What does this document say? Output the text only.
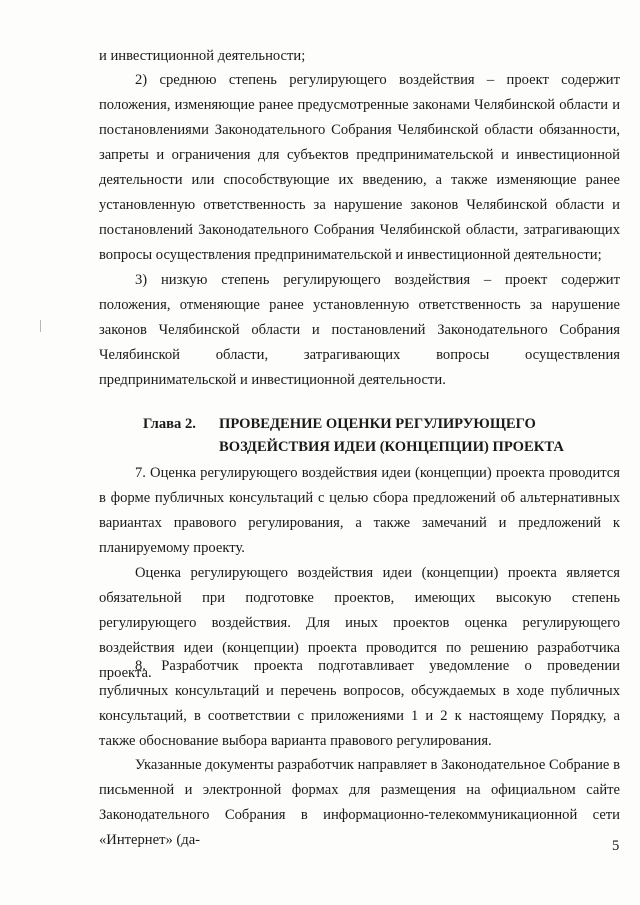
и инвестиционной деятельности;

2) среднюю степень регулирующего воздействия – проект содержит положения, изменяющие ранее предусмотренные законами Челябинской области и постановлениями Законодательного Собрания Челябинской области обязанности, запреты и ограничения для субъектов предпринимательской и инвестиционной деятельности или способствующие их введению, а также изменяющие ранее установленную ответственность за нарушение законов Челябинской области и постановлений Законодательного Собрания Челябинской области, затрагивающих вопросы осуществления предпринимательской и инвестиционной деятельности;

3) низкую степень регулирующего воздействия – проект содержит положения, отменяющие ранее установленную ответственность за нарушение законов Челябинской области и постановлений Законодательного Собрания Челябинской области, затрагивающих вопросы осуществления предпринимательской и инвестиционной деятельности.

Глава 2. ПРОВЕДЕНИЕ ОЦЕНКИ РЕГУЛИРУЮЩЕГО ВОЗДЕЙСТВИЯ ИДЕИ (КОНЦЕПЦИИ) ПРОЕКТА

7. Оценка регулирующего воздействия идеи (концепции) проекта проводится в форме публичных консультаций с целью сбора предложений об альтернативных вариантах правового регулирования, а также замечаний и предложений к планируемому проекту.

Оценка регулирующего воздействия идеи (концепции) проекта является обязательной при подготовке проектов, имеющих высокую степень регулирующего воздействия. Для иных проектов оценка регулирующего воздействия идеи (концепции) проекта проводится по решению разработчика проекта.

8. Разработчик проекта подготавливает уведомление о проведении публичных консультаций и перечень вопросов, обсуждаемых в ходе публичных консультаций, в соответствии с приложениями 1 и 2 к настоящему Порядку, а также обоснование выбора варианта правового регулирования.

Указанные документы разработчик направляет в Законодательное Собрание в письменной и электронной формах для размещения на официальном сайте Законодательного Собрания в информационно-телекоммуникационной сети «Интернет» (да-	5
